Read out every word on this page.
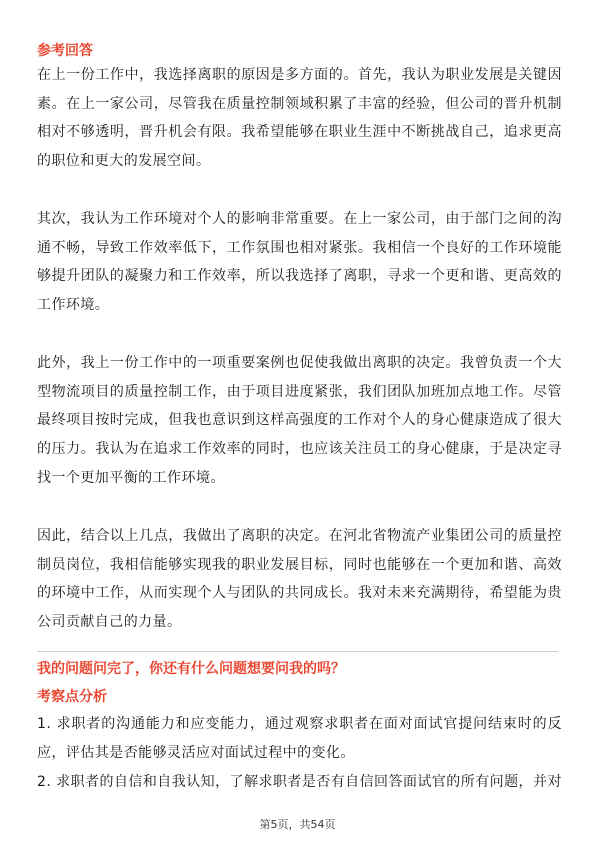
参考回答

在上一份工作中，我选择离职的原因是多方面的。首先，我认为职业发展是关键因素。在上一家公司，尽管我在质量控制领域积累了丰富的经验，但公司的晋升机制相对不够透明，晋升机会有限。我希望能够在职业生涯中不断挑战自己，追求更高的职位和更大的发展空间。

其次，我认为工作环境对个人的影响非常重要。在上一家公司，由于部门之间的沟通不畅，导致工作效率低下，工作氛围也相对紧张。我相信一个良好的工作环境能够提升团队的凝聚力和工作效率，所以我选择了离职，寻求一个更和谐、更高效的工作环境。

此外，我上一份工作中的一项重要案例也促使我做出离职的决定。我曾负责一个大型物流项目的质量控制工作，由于项目进度紧张，我们团队加班加点地工作。尽管最终项目按时完成，但我也意识到这样高强度的工作对个人的身心健康造成了很大的压力。我认为在追求工作效率的同时，也应该关注员工的身心健康，于是决定寻找一个更加平衡的工作环境。

因此，结合以上几点，我做出了离职的决定。在河北省物流产业集团公司的质量控制员岗位，我相信能够实现我的职业发展目标，同时也能够在一个更加和谐、高效的环境中工作，从而实现个人与团队的共同成长。我对未来充满期待，希望能为贵公司贡献自己的力量。

我的问题问完了，你还有什么问题想要问我的吗？
考察点分析

1. 求职者的沟通能力和应变能力，通过观察求职者在面对面试官提问结束时的反应，评估其是否能够灵活应对面试过程中的变化。

2. 求职者的自信和自我认知，了解求职者是否有自信回答面试官的所有问题，并对

第5页，共54页
